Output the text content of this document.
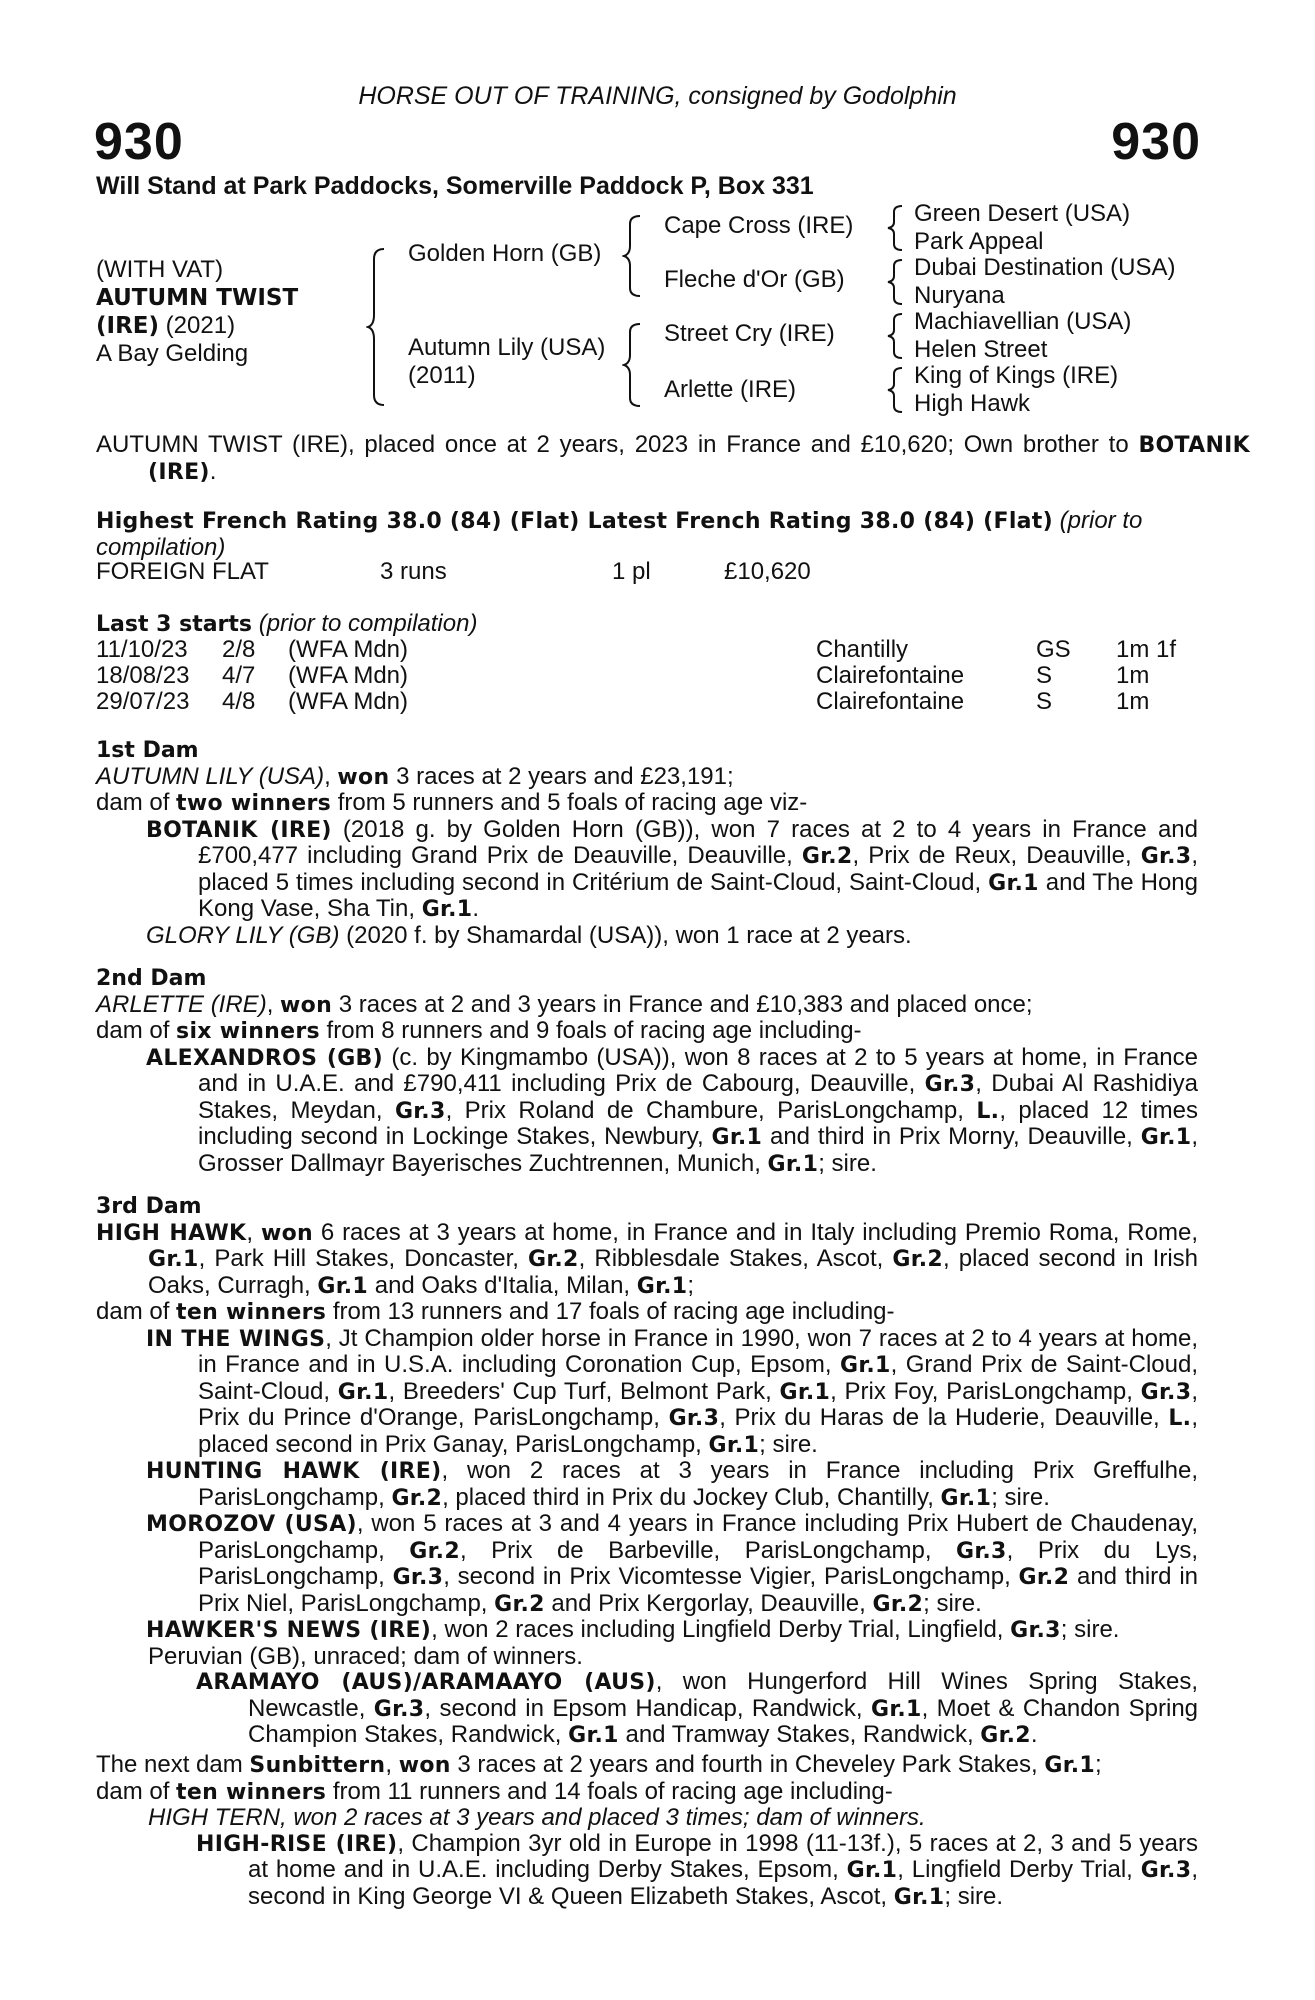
HORSE OUT OF TRAINING, consigned by Godolphin
930	930
Will Stand at Park Paddocks, Somerville Paddock P, Box 331
(WITH VAT)
AUTUMN TWIST
(IRE) (2021)
A Bay Gelding
Golden Horn (GB)
Autumn Lily (USA)
(2011)
Cape Cross (IRE)
Fleche d'Or (GB)
Street Cry (IRE)
Arlette (IRE)
Green Desert (USA)
Park Appeal
Dubai Destination (USA)
Nuryana
Machiavellian (USA)
Helen Street
King of Kings (IRE)
High Hawk
AUTUMN TWIST (IRE), placed once at 2 years, 2023 in France and £10,620; Own brother to BOTANIK (IRE).
Highest French Rating 38.0 (84) (Flat) Latest French Rating 38.0 (84) (Flat) (prior to compilation)
FOREIGN FLAT	3 runs	1 pl	£10,620
Last 3 starts (prior to compilation)
11/10/23 2/8 (WFA Mdn)	Chantilly	GS 1m 1f
18/08/23 4/7 (WFA Mdn)	Clairefontaine	S	1m
29/07/23 4/8 (WFA Mdn)	Clairefontaine	S	1m

1st Dam

AUTUMN LILY (USA), won 3 races at 2 years and £23,191;

dam of two winners from 5 runners and 5 foals of racing age viz-

BOTANIK (IRE) (2018 g. by Golden Horn (GB)), won 7 races at 2 to 4 years in France and £700,477 including Grand Prix de Deauville, Deauville, Gr.2, Prix de Reux, Deauville, Gr.3, placed 5 times including second in Critérium de Saint-Cloud, Saint-Cloud, Gr.1 and The Hong Kong Vase, Sha Tin, Gr.1.

GLORY LILY (GB) (2020 f. by Shamardal (USA)), won 1 race at 2 years.

2nd Dam

ARLETTE (IRE), won 3 races at 2 and 3 years in France and £10,383 and placed once;

dam of six winners from 8 runners and 9 foals of racing age including-

ALEXANDROS (GB) (c. by Kingmambo (USA)), won 8 races at 2 to 5 years at home, in France and in U.A.E. and £790,411 including Prix de Cabourg, Deauville, Gr.3, Dubai Al Rashidiya Stakes, Meydan, Gr.3, Prix Roland de Chambure, ParisLongchamp, L., placed 12 times including second in Lockinge Stakes, Newbury, Gr.1 and third in Prix Morny, Deauville, Gr.1, Grosser Dallmayr Bayerisches Zuchtrennen, Munich, Gr.1; sire.

3rd Dam

HIGH HAWK, won 6 races at 3 years at home, in France and in Italy including Premio Roma, Rome, Gr.1, Park Hill Stakes, Doncaster, Gr.2, Ribblesdale Stakes, Ascot, Gr.2, placed second in Irish Oaks, Curragh, Gr.1 and Oaks d'Italia, Milan, Gr.1;

dam of ten winners from 13 runners and 17 foals of racing age including-

IN THE WINGS, Jt Champion older horse in France in 1990, won 7 races at 2 to 4 years at home, in France and in U.S.A. including Coronation Cup, Epsom, Gr.1, Grand Prix de Saint-Cloud, Saint-Cloud, Gr.1, Breeders' Cup Turf, Belmont Park, Gr.1, Prix Foy, ParisLongchamp, Gr.3, Prix du Prince d'Orange, ParisLongchamp, Gr.3, Prix du Haras de la Huderie, Deauville, L., placed second in Prix Ganay, ParisLongchamp, Gr.1; sire.

HUNTING HAWK (IRE), won 2 races at 3 years in France including Prix Greffulhe, ParisLongchamp, Gr.2, placed third in Prix du Jockey Club, Chantilly, Gr.1; sire.

MOROZOV (USA), won 5 races at 3 and 4 years in France including Prix Hubert de Chaudenay, ParisLongchamp, Gr.2, Prix de Barbeville, ParisLongchamp, Gr.3, Prix du Lys, ParisLongchamp, Gr.3, second in Prix Vicomtesse Vigier, ParisLongchamp, Gr.2 and third in Prix Niel, ParisLongchamp, Gr.2 and Prix Kergorlay, Deauville, Gr.2; sire.

HAWKER'S NEWS (IRE), won 2 races including Lingfield Derby Trial, Lingfield, Gr.3; sire.

Peruvian (GB), unraced; dam of winners.

ARAMAYO (AUS)/ARAMAAYO (AUS), won Hungerford Hill Wines Spring Stakes, Newcastle, Gr.3, second in Epsom Handicap, Randwick, Gr.1, Moet & Chandon Spring Champion Stakes, Randwick, Gr.1 and Tramway Stakes, Randwick, Gr.2.

The next dam Sunbittern, won 3 races at 2 years and fourth in Cheveley Park Stakes, Gr.1;

dam of ten winners from 11 runners and 14 foals of racing age including-

HIGH TERN, won 2 races at 3 years and placed 3 times; dam of winners.

HIGH-RISE (IRE), Champion 3yr old in Europe in 1998 (11-13f.), 5 races at 2, 3 and 5 years at home and in U.A.E. including Derby Stakes, Epsom, Gr.1, Lingfield Derby Trial, Gr.3, second in King George VI & Queen Elizabeth Stakes, Ascot, Gr.1; sire.
